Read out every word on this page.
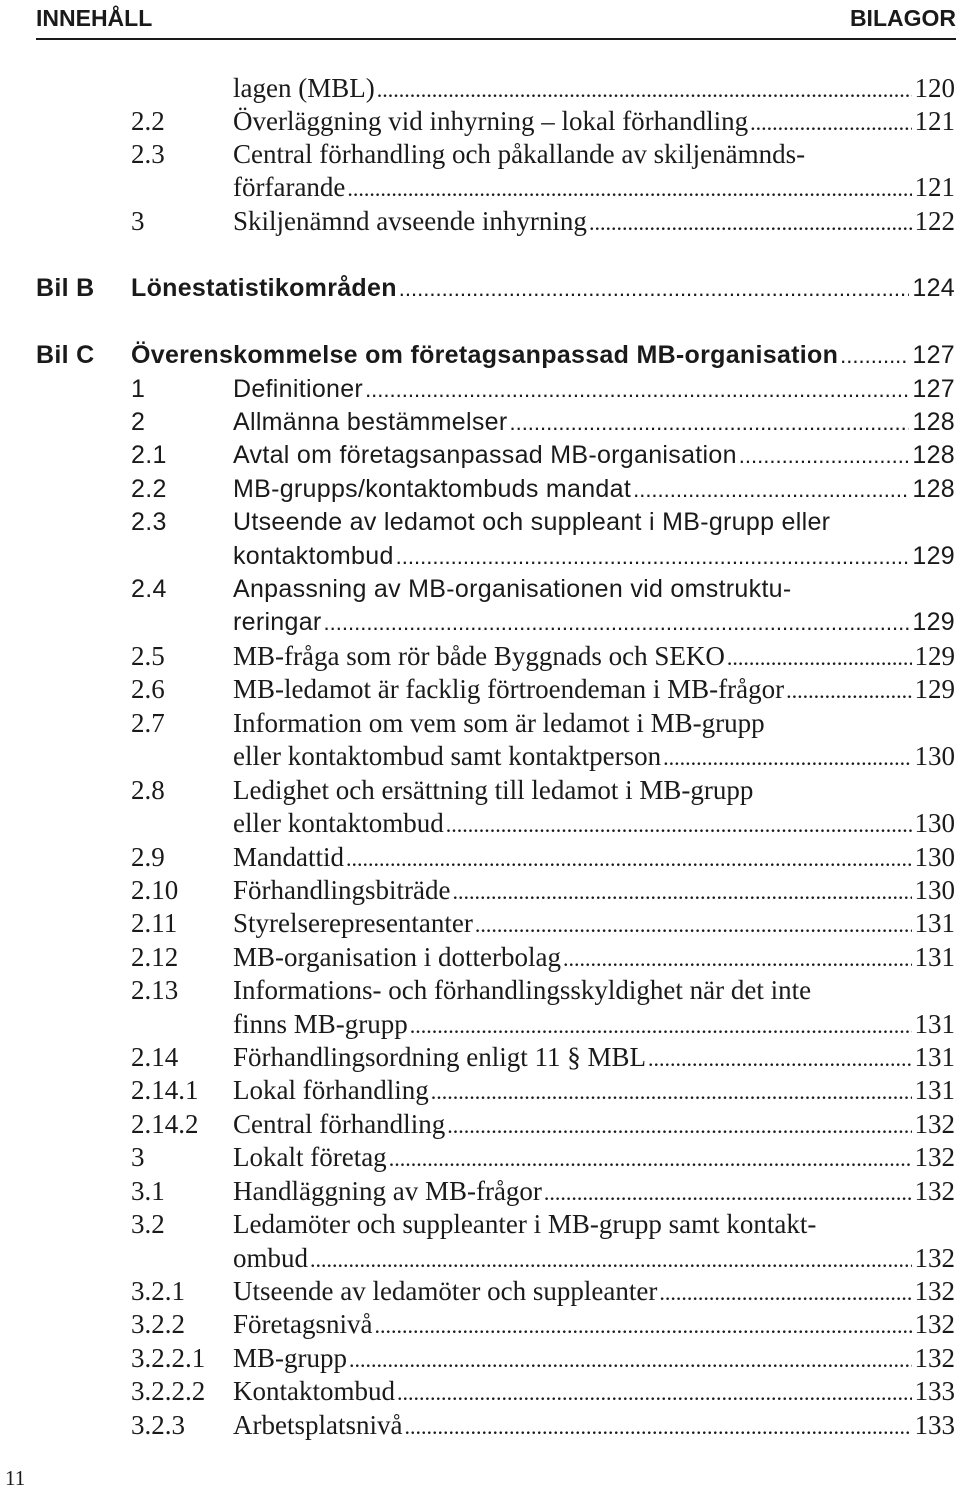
INNEHÅLL	BILAGOR
lagen (MBL) .....	120
2.2	Överläggning vid inhyrning – lokal förhandling .....	121
2.3	Central förhandling och påkallande av skiljenämnds-
förfarande .....	121
3	Skiljenämnd avseende inhyrning .....	122
Bil B Lönestatistikområden .....	124
Bil C Överenskommelse om företagsanpassad MB-organisation .....	127
1	Definitioner .....	127
2	Allmänna bestämmelser .....	128
2.1	Avtal om företagsanpassad MB-organisation .....	128
2.2	MB-grupps/kontaktombuds mandat .....	128
2.3	Utseende av ledamot och suppleant i MB-grupp eller
kontaktombud .....	129
2.4	Anpassning av MB-organisationen vid omstruktu-
reringar .....	129
2.5	MB-fråga som rör både Byggnads och SEKO .....	129
2.6	MB-ledamot är facklig förtroendeman i MB-frågor .....	129
2.7	Information om vem som är ledamot i MB-grupp
eller kontaktombud samt kontaktperson .....	130
2.8	Ledighet och ersättning till ledamot i MB-grupp
eller kontaktombud .....	130
2.9	Mandattid .....	130
2.10 Förhandlingsbiträde .....	130
2.11 Styrelserepresentanter .....	131
2.12 MB-organisation i dotterbolag .....	131
2.13 Informations- och förhandlingsskyldighet när det inte
finns MB-grupp .....	131
2.14 Förhandlingsordning enligt 11 § MBL .....	131
2.14.1 Lokal förhandling .....	131
2.14.2 Central förhandling .....	132
3	Lokalt företag .....	132
3.1	Handläggning av MB-frågor .....	132
3.2	Ledamöter och suppleanter i MB-grupp samt kontakt-
ombud .....	132
3.2.1 Utseende av ledamöter och suppleanter .....	132
3.2.2 Företagsnivå .....	132
3.2.2.1 MB-grupp .....	132
3.2.2.2 Kontaktombud .....	133
3.2.3 Arbetsplatsnivå .....	133
11
